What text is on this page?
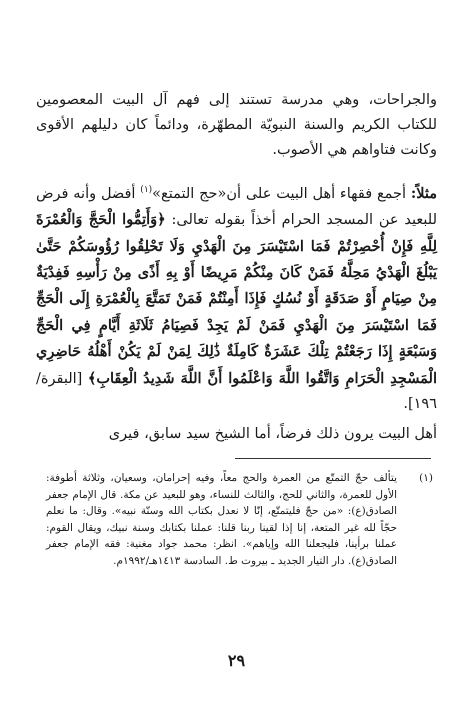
والجراحات، وهي مدرسة تستند إلى فهم آل البيت المعصومين للكتاب الكريم والسنة النبويّة المطهّرة، ودائماً كان دليلهم الأقوى وكانت فتاواهم هي الأصوب.

مثلاً: أجمع فقهاء أهل البيت على أن«حج التمتع»$^{(١)}$ أفضل وأنه فرض للبعيد عن المسجد الحرام أخذاً بقوله تعالى: ﴿وَأَتِمُّوا الْحَجَّ وَالْعُمْرَةَ لِلَّهِ فَإِنْ أُحْصِرْتُمْ فَمَا اسْتَيْسَرَ مِنَ الْهَدْيِ وَلَا تَحْلِقُوا رُؤُوسَكُمْ حَتَّىٰ يَبْلُغَ الْهَدْيُ مَحِلَّهُ فَمَنْ كَانَ مِنْكُمْ مَرِيضًا أَوْ بِهِ أَذًى مِنْ رَأْسِهِ فَفِدْيَةٌ مِنْ صِيَامٍ أَوْ صَدَقَةٍ أَوْ نُسُكٍ فَإِذَا أَمِنْتُمْ فَمَنْ تَمَتَّعَ بِالْعُمْرَةِ إِلَى الْحَجِّ فَمَا اسْتَيْسَرَ مِنَ الْهَدْيِ فَمَنْ لَمْ يَجِدْ فَصِيَامُ ثَلَاثَةِ أَيَّامٍ فِي الْحَجِّ وَسَبْعَةٍ إِذَا رَجَعْتُمْ تِلْكَ عَشَرَةٌ كَامِلَةٌ ذَٰلِكَ لِمَنْ لَمْ يَكُنْ أَهْلُهُ حَاضِرِي الْمَسْجِدِ الْحَرَامِ وَاتَّقُوا اللَّهَ وَاعْلَمُوا أَنَّ اللَّهَ شَدِيدُ الْعِقَابِ﴾ [البقرة/ ١٩٦].

أهل البيت يرون ذلك فرضاً، أما الشيخ سيد سابق، فيرى

(١)
يتألف حجّ التمتّع من العمرة والحج معاً، وفيه إحرامان، وسعيان، وثلاثة أطوفة: الأول للعمرة، والثاني للحج، والثالث للنساء، وهو للبعيد عن مكة. قال الإمام جعفر الصادق(ع): «من حجّ فليتمتّع، إنّا لا نعدل بكتاب الله وسنّة نبيه». وقال: ما نعلم حجّاً لله غير المتعة، إنا إذا لقينا ربنا قلنا: عملنا بكتابك وسنة نبيك، ويقال القوم: عملنا برأينا، فليجعلنا الله وإياهم». انظر: محمد جواد مغنية: فقه الإمام جعفر الصادق(ع). دار التيار الجديد ـ بيروت ط. السادسة ١٤١٣هـ/١٩٩٢م.
٢٩
